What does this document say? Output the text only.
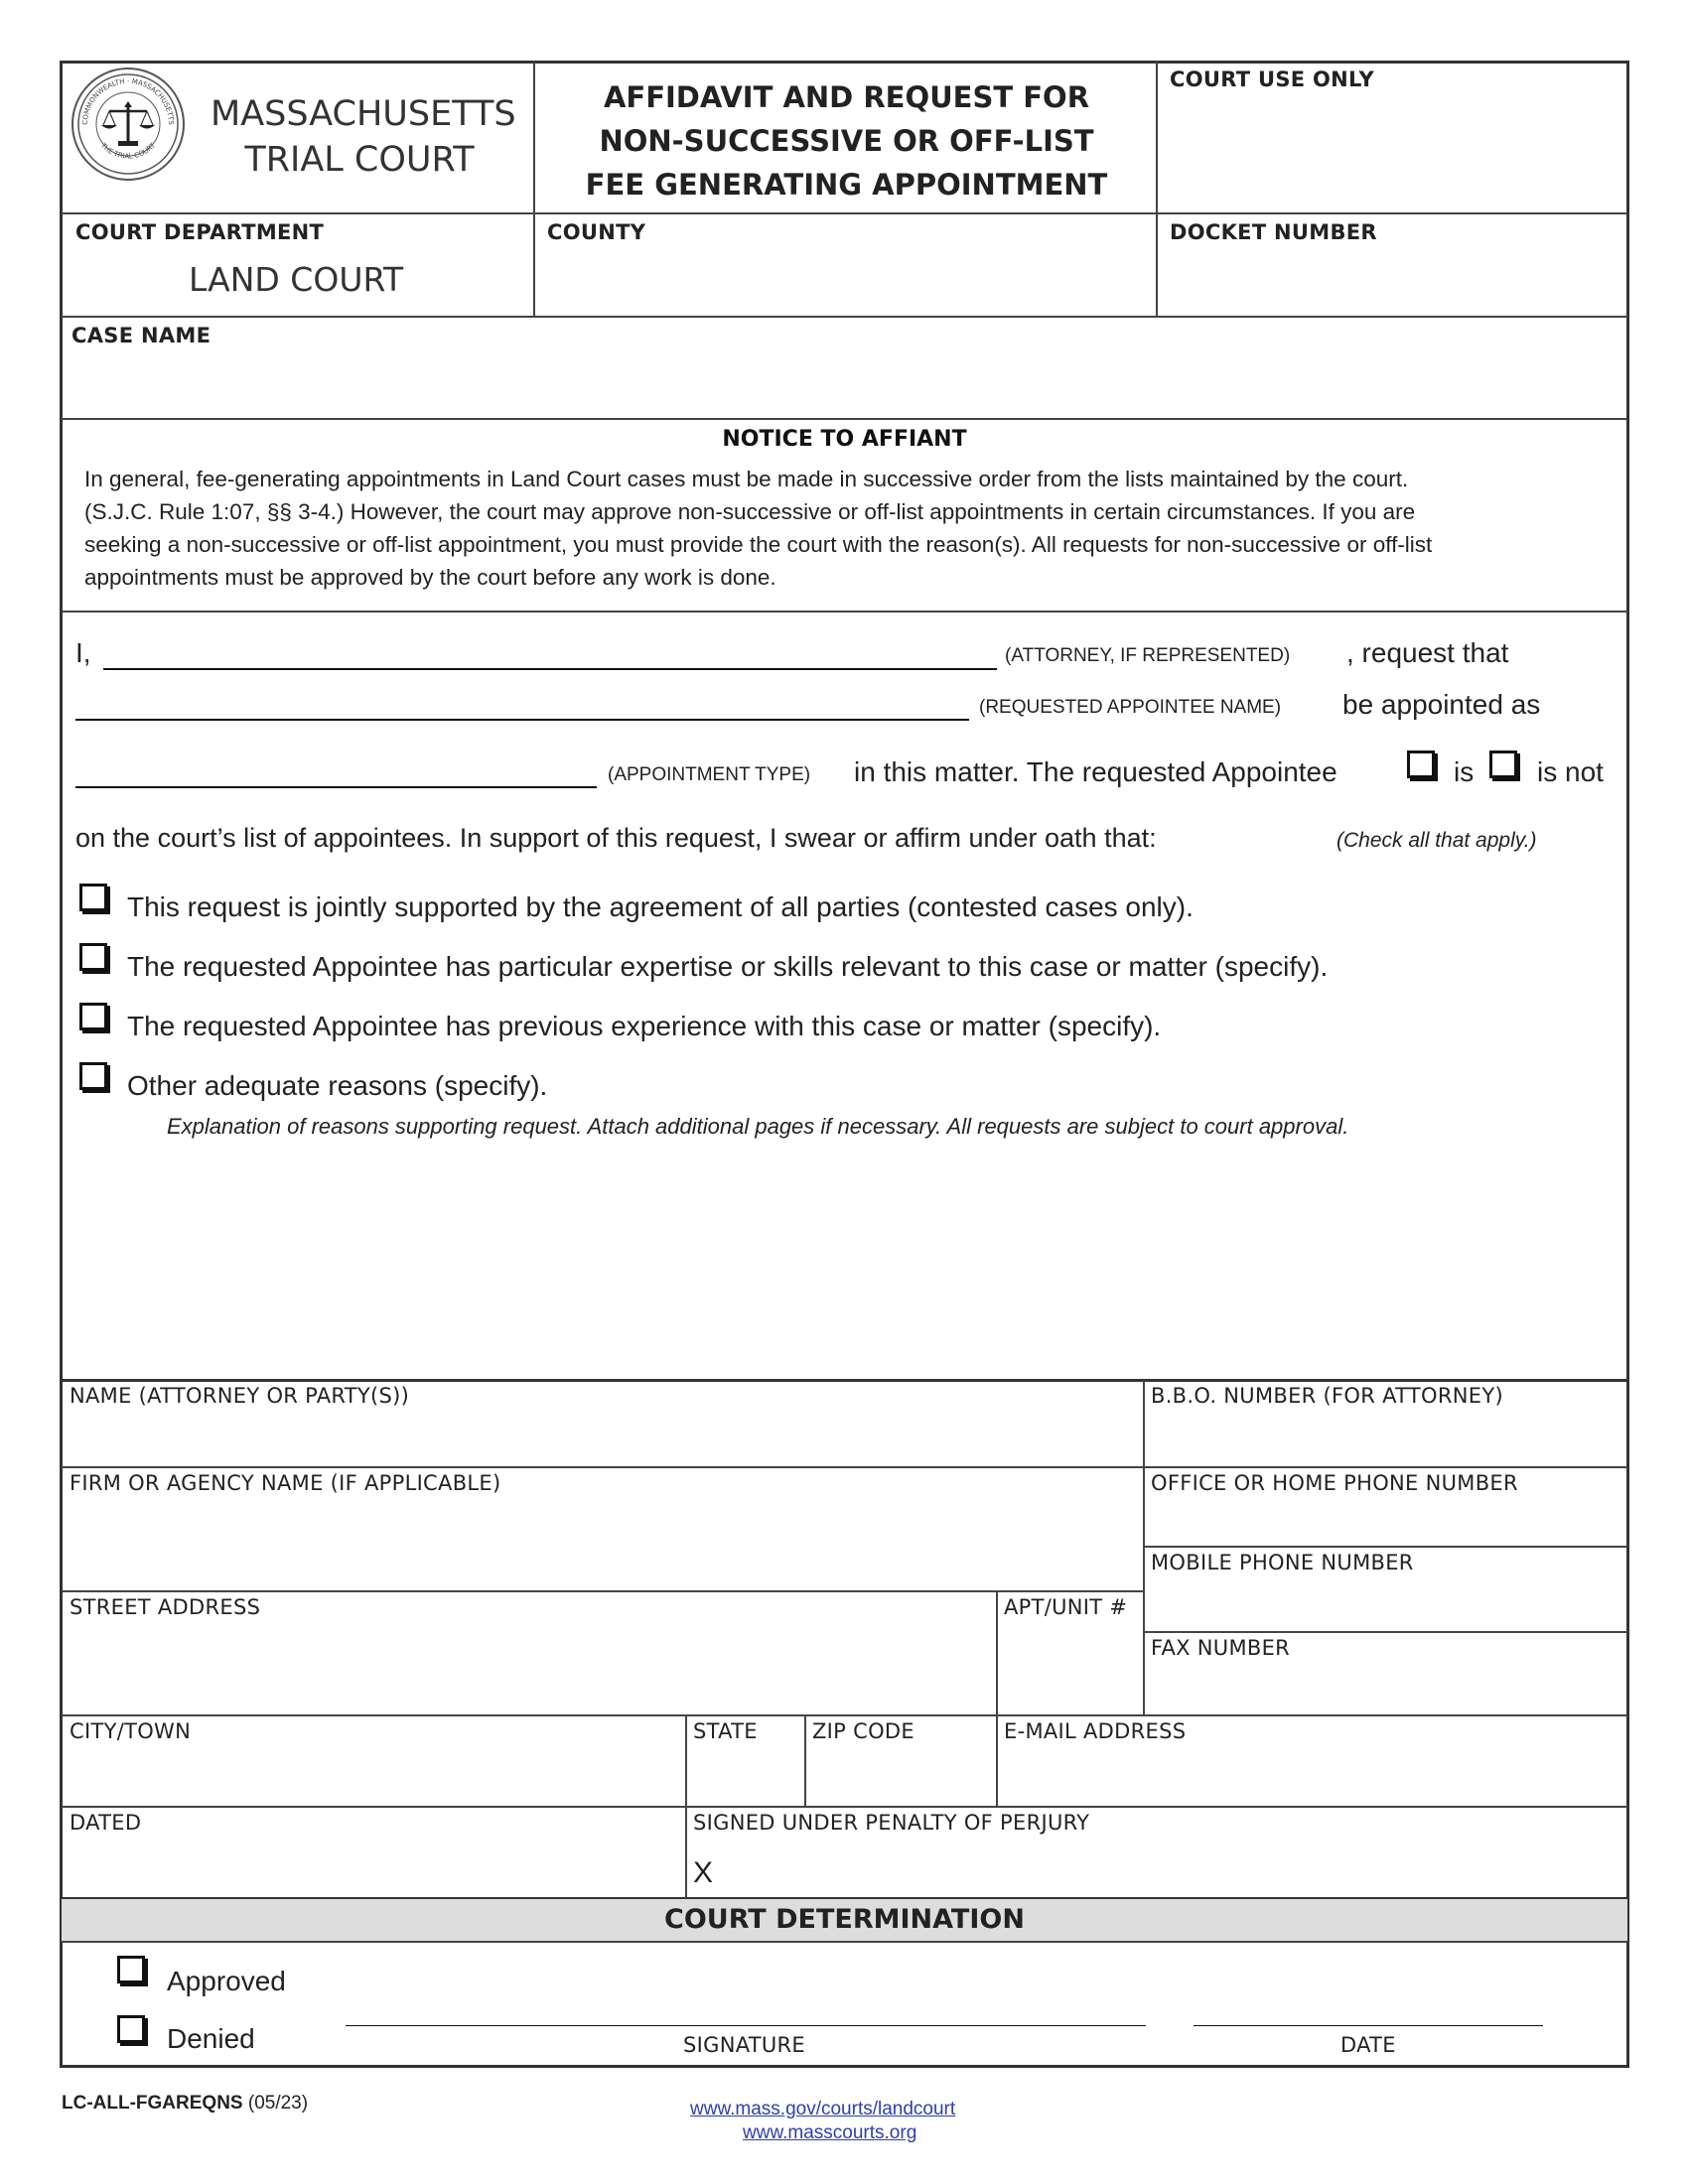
COMMONWEALTH · MASSACHUSETTS
THE TRIAL COURT
MASSACHUSETTS
TRIAL COURT
AFFIDAVIT AND REQUEST FOR
NON-SUCCESSIVE OR OFF-LIST
FEE GENERATING APPOINTMENT
COURT USE ONLY
COURT DEPARTMENT
LAND COURT
COUNTY	DOCKET NUMBER
CASE NAME
NOTICE TO AFFIANT
In general, fee-generating appointments in Land Court cases must be made in successive order from the lists maintained by the court.
(S.J.C. Rule 1:07, §§ 3-4.) However, the court may approve non-successive or off-list appointments in certain circumstances. If you are
seeking a non-successive or off-list appointment, you must provide the court with the reason(s). All requests for non-successive or off-list
appointments must be approved by the court before any work is done.
I,	(ATTORNEY, IF REPRESENTED) , request that
(REQUESTED APPOINTEE NAME) be appointed as
(APPOINTMENT TYPE) in this matter. The requested Appointee	is is not
on the court’s list of appointees. In support of this request, I swear or affirm under oath that:	(Check all that apply.)
This request is jointly supported by the agreement of all parties (contested cases only).
The requested Appointee has particular expertise or skills relevant to this case or matter (specify).
The requested Appointee has previous experience with this case or matter (specify).
Other adequate reasons (specify).
Explanation of reasons supporting request. Attach additional pages if necessary. All requests are subject to court approval.
NAME (ATTORNEY OR PARTY(S))	B.B.O. NUMBER (FOR ATTORNEY)
FIRM OR AGENCY NAME (IF APPLICABLE)	OFFICE OR HOME PHONE NUMBER
MOBILE PHONE NUMBER
STREET ADDRESS	APT/UNIT #
FAX NUMBER
CITY/TOWN	STATE	ZIP CODE	E-MAIL ADDRESS
DATED	SIGNED UNDER PENALTY OF PERJURY
X
COURT DETERMINATION
Approved
Denied	SIGNATURE	DATE
LC-ALL-FGAREQNS (05/23)	www.mass.gov/courts/landcourt
www.masscourts.org
